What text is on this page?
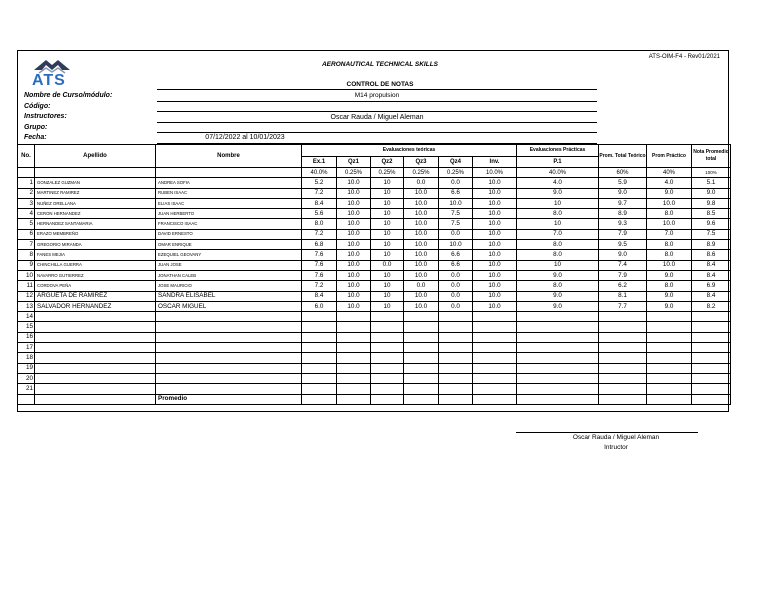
ATS-OIM-F4 - Rev01/2021
ATS
AERONAUTICAL TECHNICAL SKILLS
CONTROL DE NOTAS
Nombre de Curso/módulo:	M14 propulsion
Código:
Instructores:	Oscar Rauda / Miguel Aleman
Grupo:
Fecha:	07/12/2022 al 10/01/2023
No.	Apellido	Nombre	Evaluaciones teóricas						Evaluaciones Prácticas	Prom. Total Teórico	Prom Práctico	Nota Promedio total
			Ex.1	Qz1	Qz2	Qz3	Qz4	Inv.	P.1			
			40.0%	0.25%	0.25%	0.25%	0.25%	10.0%	40.0%	60%	40%	100%
1	GONZALEZ GUZMAN	ANDREA SOFIA	5.2	10.0	10	0.0	0.0	10.0	4.0	5.9	4.0	5.1
2	MARTINEZ RAMIREZ	RUBEN ISAAC	7.2	10.0	10	10.0	6.6	10.0	9.0	9.0	9.0	9.0
3	NUÑEZ ORELLANA	ELIAS ISAAC	8.4	10.0	10	10.0	10.0	10.0	10	9.7	10.0	9.8
4	CERON HERNANDEZ	JUAN HERBERTO	5.6	10.0	10	10.0	7.5	10.0	8.0	8.9	8.0	8.5
5	HERNANDEZ SANTAMARIA	FRANCISCO ISAAC	8.0	10.0	10	10.0	7.5	10.0	10	9.3	10.0	9.6
6	ERAZO MEMBREÑO	DAVID ERNESTO	7.2	10.0	10	10.0	0.0	10.0	7.0	7.9	7.0	7.5
7	GREGORIO MIRANDA	OMAR ENRIQUE	6.8	10.0	10	10.0	10.0	10.0	8.0	9.5	8.0	8.9
8	FANES MEJIA	EZEQUIEL GEOVANY	7.6	10.0	10	10.0	6.6	10.0	8.0	9.0	8.0	8.6
9	CHINCHILLA GUERRA	JUAN JOSE	7.6	10.0	0.0	10.0	6.6	10.0	10	7.4	10.0	8.4
10	NAVARRO GUTIERREZ	JONATHAN CALEB	7.6	10.0	10	10.0	0.0	10.0	9.0	7.9	9.0	8.4
11	CORDOVA PEÑA	JOSE MAURICIO	7.2	10.0	10	0.0	0.0	10.0	8.0	6.2	8.0	6.9
12	ARGUETA DE RAMIREZ	SANDRA ELISABEL	8.4	10.0	10	10.0	0.0	10.0	9.0	8.1	9.0	8.4
13	SALVADOR HERNANDEZ	OSCAR MIGUEL	6.0	10.0	10	10.0	0.0	10.0	9.0	7.7	9.0	8.2
14												
15												
16												
17												
18												
19												
20												
21												
		Promedio										
Oscar Rauda / Miguel Aleman
Intructor
